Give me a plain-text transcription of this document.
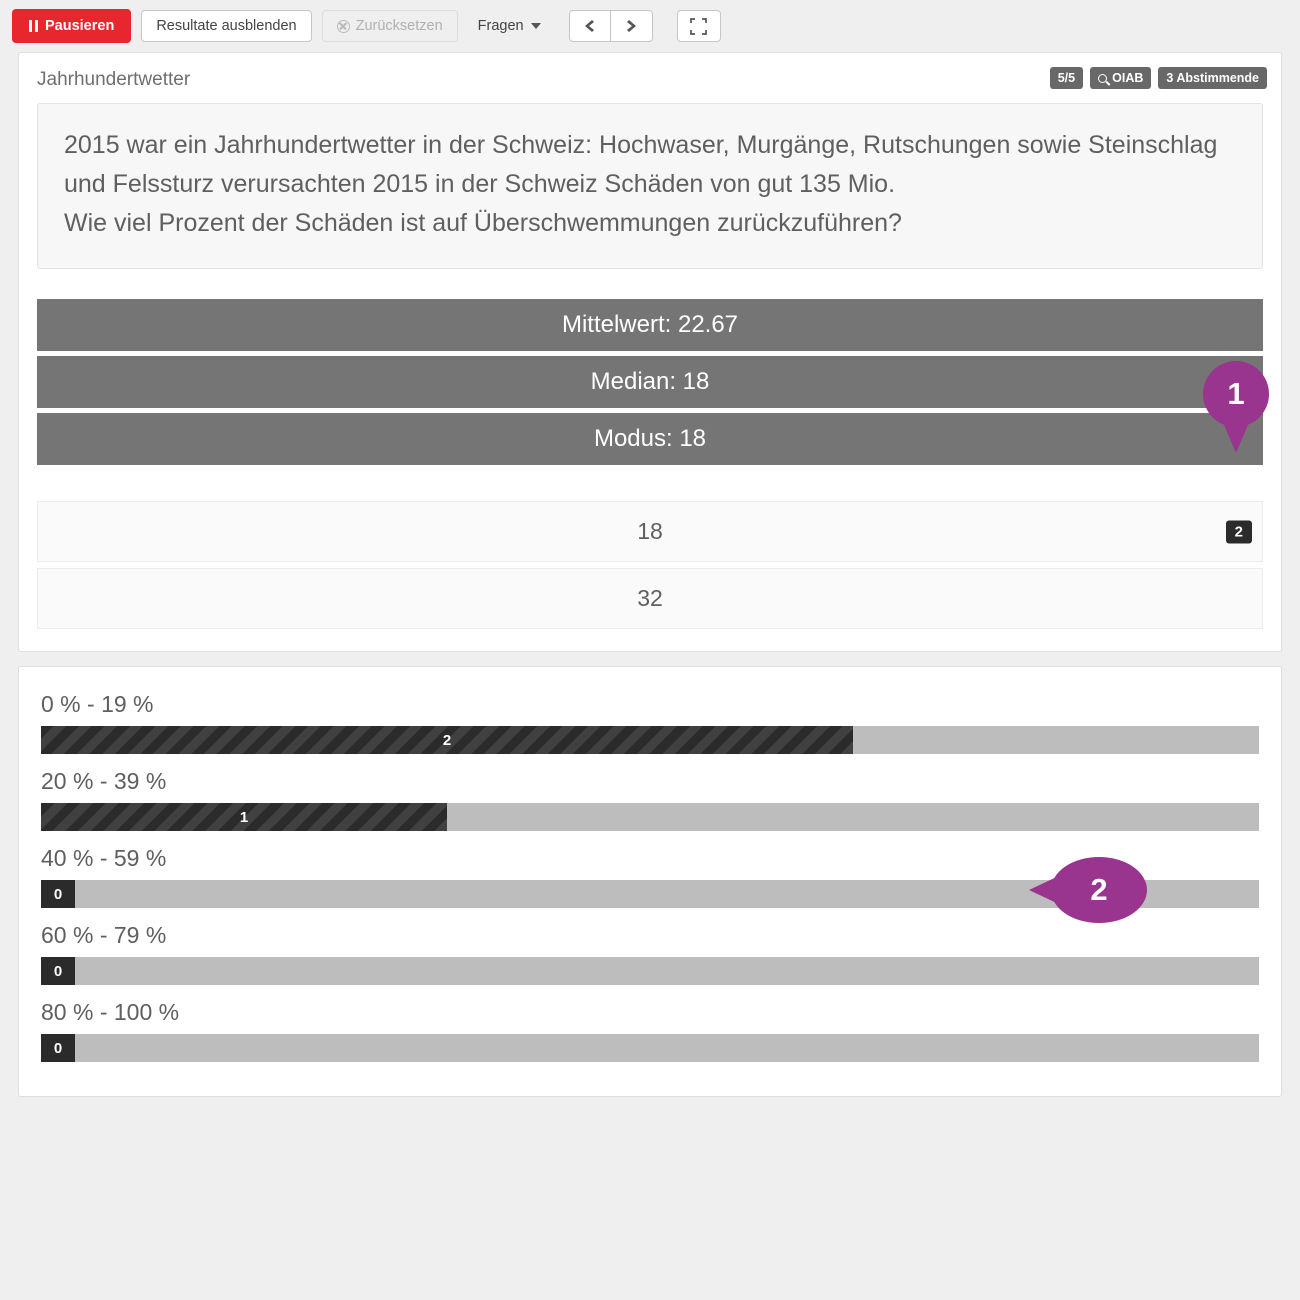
Pausieren	Resultate ausblenden	Zurücksetzen Fragen
Jahrhundertwetter	5/5	OIAB	3 Abstimmende
2015 war ein Jahrhundertwetter in der Schweiz: Hochwaser, Murgänge, Rutschungen sowie Steinschlag und Felssturz verursachten 2015 in der Schweiz Schäden von gut 135 Mio.
Wie viel Prozent der Schäden ist auf Überschwemmungen zurückzuführen?
Mittelwert: 22.67
Median: 18
Modus: 18
18	2
32
1
0 % - 19 %
2
20 % - 39 %
1
40 % - 59 %
0
60 % - 79 %
0
80 % - 100 %
0
2
